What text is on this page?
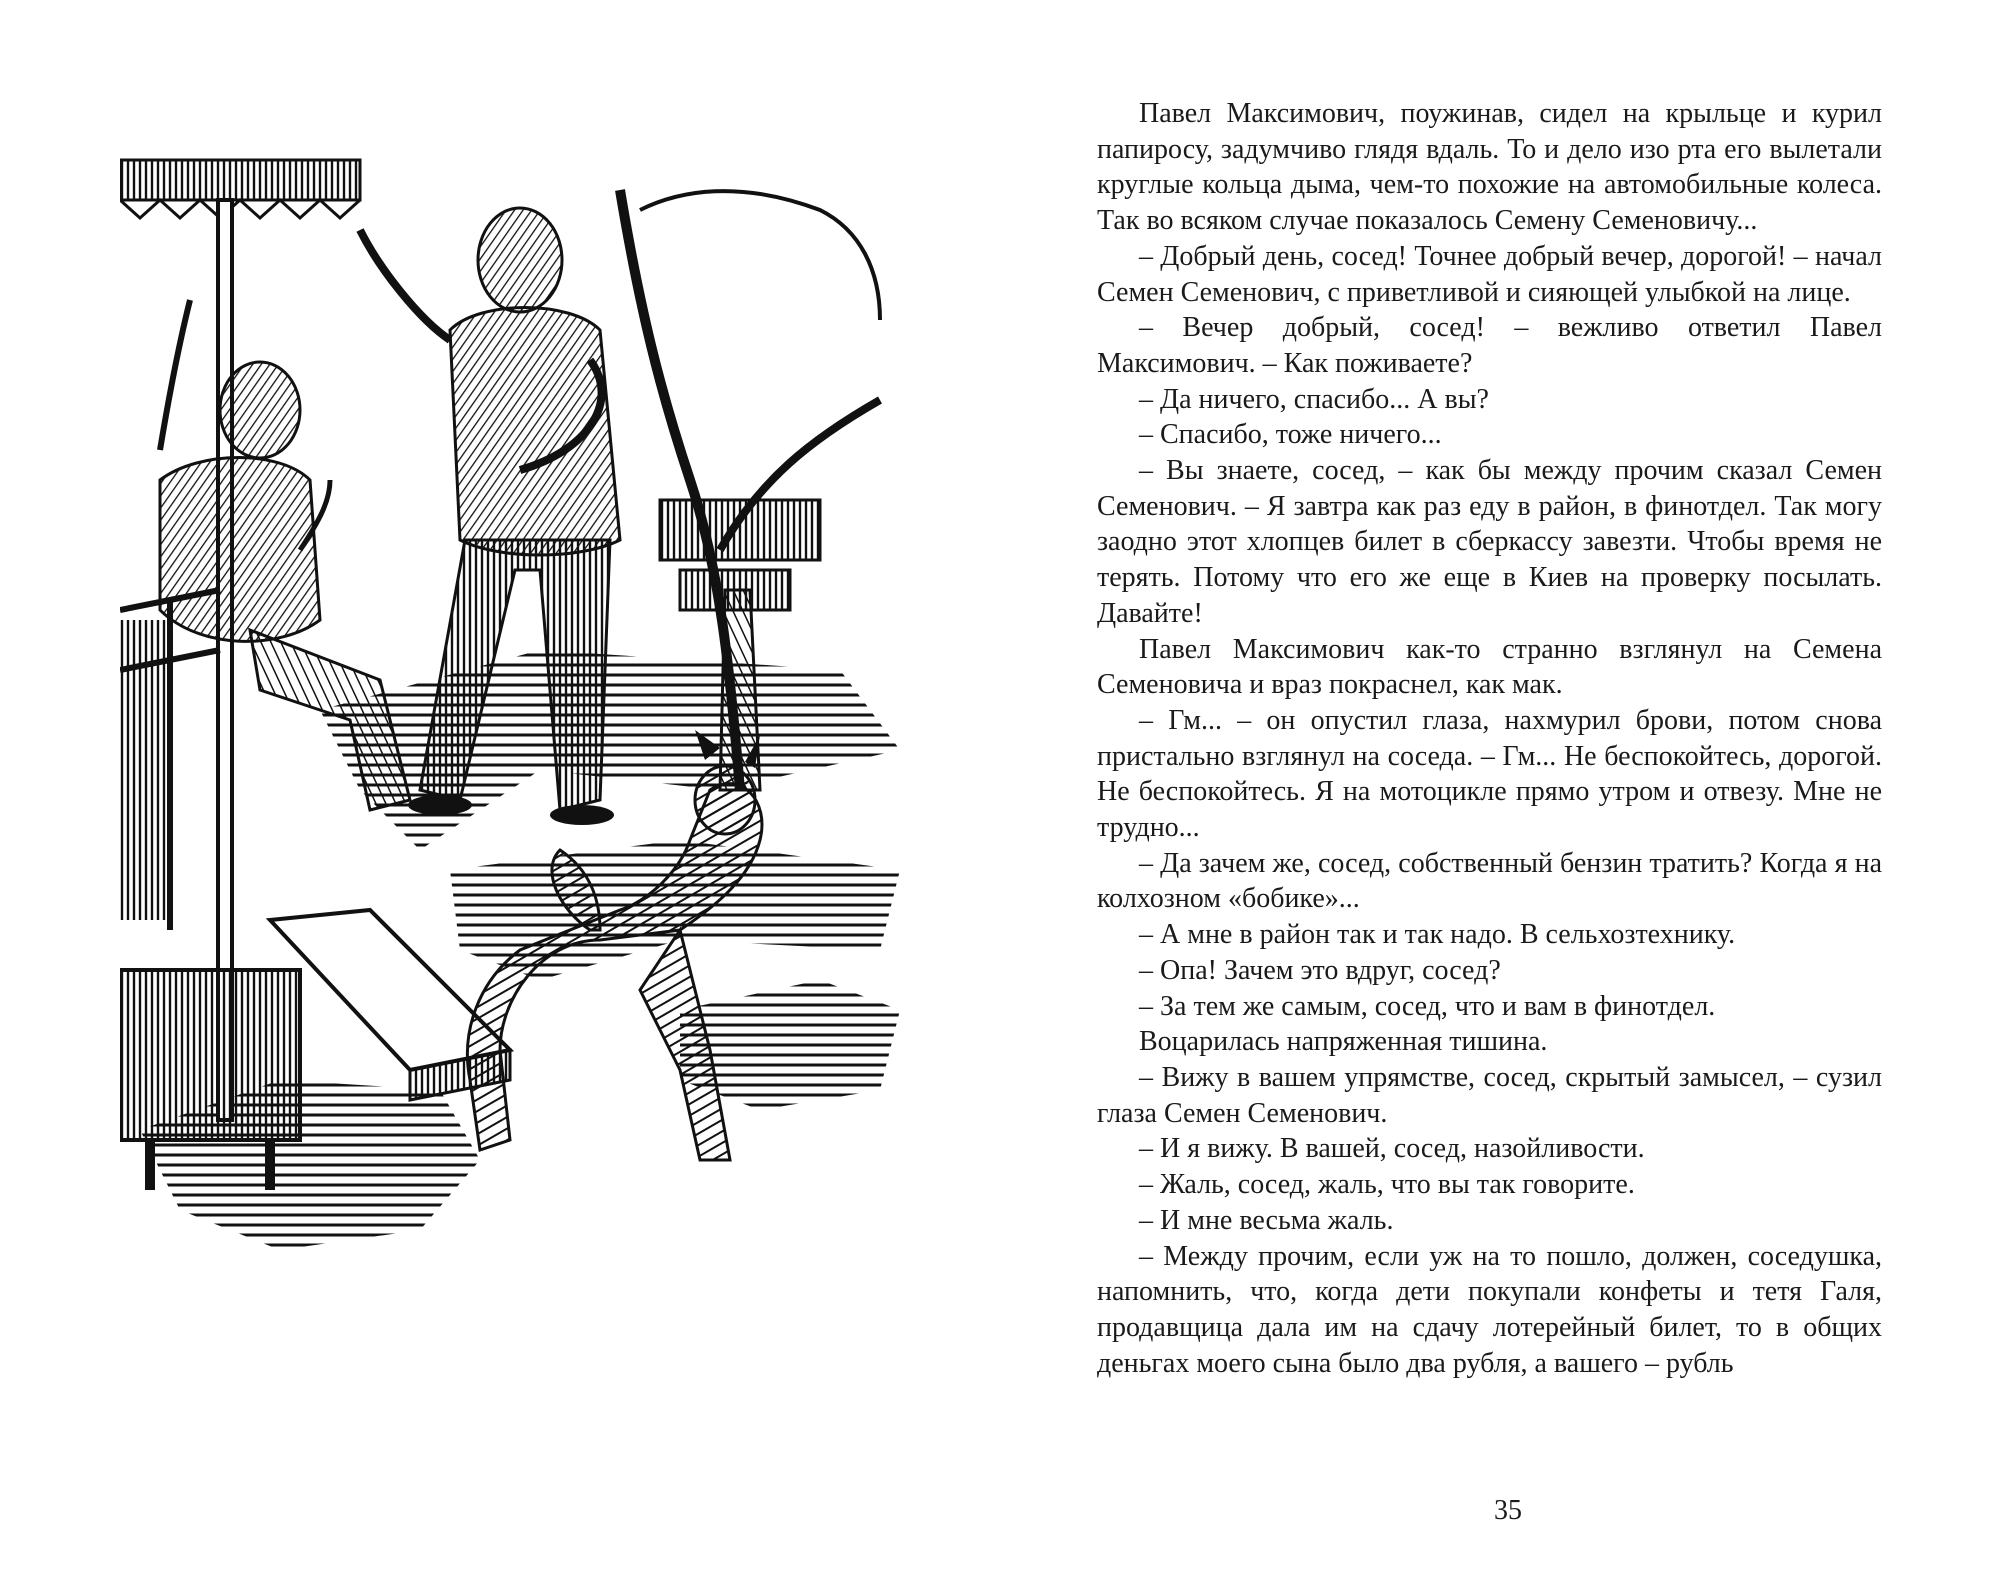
Павел Максимович, поужинав, сидел на крыльце и курил папиросу, задумчиво глядя вдаль. То и дело изо рта его вылетали круглые кольца дыма, чем-то похожие на автомобильные колеса. Так во всяком случае показалось Семену Семеновичу...

– Добрый день, сосед! Точнее добрый вечер, дорогой! – начал Семен Семенович, с приветливой и сияющей улыбкой на лице.

– Вечер добрый, сосед! – вежливо ответил Павел Максимович. – Как поживаете?

– Да ничего, спасибо... А вы?

– Спасибо, тоже ничего...

– Вы знаете, сосед, – как бы между прочим сказал Семен Семенович. – Я завтра как раз еду в район, в финотдел. Так могу заодно этот хлопцев билет в сберкассу завезти. Чтобы время не терять. Потому что его же еще в Киев на проверку посылать. Давайте!

Павел Максимович как-то странно взглянул на Семена Семеновича и враз покраснел, как мак.

– Гм... – он опустил глаза, нахмурил брови, потом снова пристально взглянул на соседа. – Гм... Не беспокойтесь, дорогой. Не беспокойтесь. Я на мотоцикле прямо утром и отвезу. Мне не трудно...

– Да зачем же, сосед, собственный бензин тратить? Когда я на колхозном «бобике»...

– А мне в район так и так надо. В сельхозтехнику.

– Опа! Зачем это вдруг, сосед?

– За тем же самым, сосед, что и вам в финотдел.

Воцарилась напряженная тишина.

– Вижу в вашем упрямстве, сосед, скрытый замысел, – сузил глаза Семен Семенович.

– И я вижу. В вашей, сосед, назойливости.

– Жаль, сосед, жаль, что вы так говорите.

– И мне весьма жаль.

– Между прочим, если уж на то пошло, должен, соседушка, напомнить, что, когда дети покупали конфеты и тетя Галя, продавщица дала им на сдачу лотерейный билет, то в общих деньгах моего сына было два рубля, а вашего – рубль

35
